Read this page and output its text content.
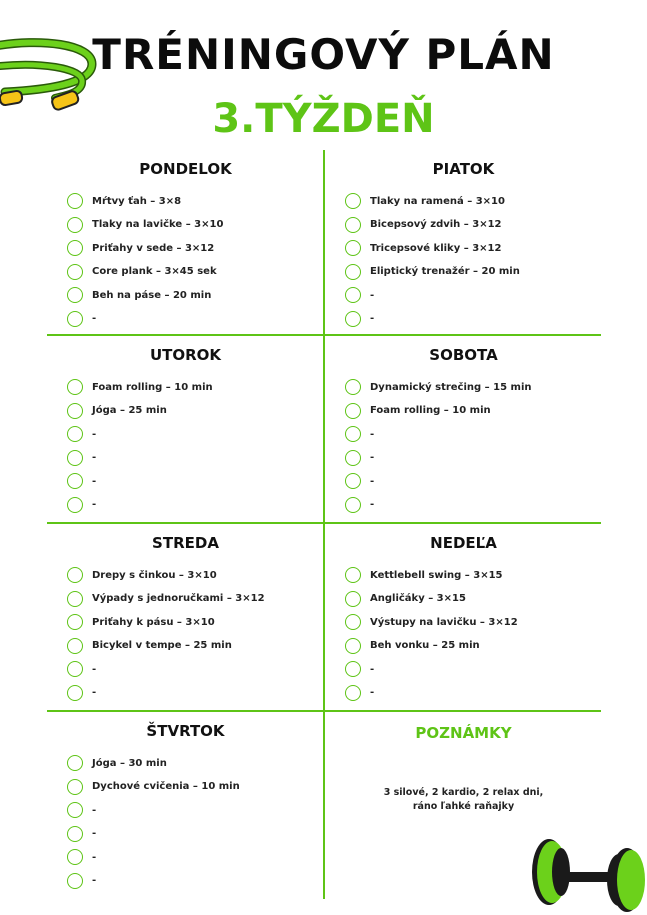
TRÉNINGOVÝ PLÁN
3.TÝŽDEŇ
PONDELOK
Mŕtvy ťah – 3×8
Tlaky na lavičke – 3×10
Priťahy v sede – 3×12
Core plank – 3×45 sek
Beh na páse – 20 min
-
PIATOK
Tlaky na ramená – 3×10
Bicepsový zdvih – 3×12
Tricepsové kliky – 3×12
Eliptický trenažér – 20 min
-
-
UTOROK
Foam rolling – 10 min
Jóga – 25 min
-
-
-
-
SOBOTA
Dynamický strečing – 15 min
Foam rolling – 10 min
-
-
-
-
STREDA
Drepy s činkou – 3×10
Výpady s jednoručkami – 3×12
Priťahy k pásu – 3×10
Bicykel v tempe – 25 min
-
-
NEDEĽA
Kettlebell swing – 3×15
Angličáky – 3×15
Výstupy na lavičku – 3×12
Beh vonku – 25 min
-
-
ŠTVRTOK
Jóga – 30 min
Dychové cvičenia – 10 min
-
-
-
-
POZNÁMKY
3 silové, 2 kardio, 2 relax dni,
ráno ľahké raňajky
